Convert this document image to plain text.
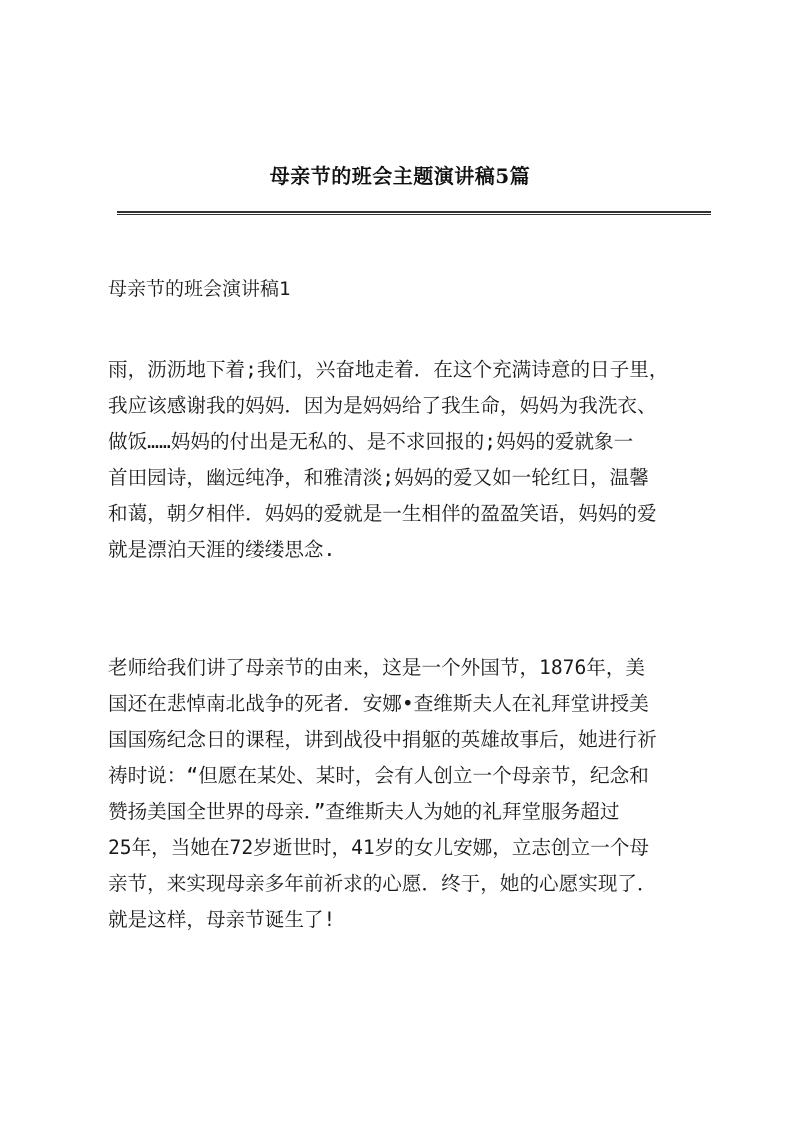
母亲节的班会主题演讲稿5篇
母亲节的班会演讲稿1

雨，沥沥地下着;我们，兴奋地走着．在这个充满诗意的日子里，
我应该感谢我的妈妈．因为是妈妈给了我生命，妈妈为我洗衣、
做饭……妈妈的付出是无私的、是不求回报的;妈妈的爱就象一
首田园诗，幽远纯净，和雅清淡;妈妈的爱又如一轮红日，温馨
和蔼，朝夕相伴．妈妈的爱就是一生相伴的盈盈笑语，妈妈的爱
就是漂泊天涯的缕缕思念.

老师给我们讲了母亲节的由来，这是一个外国节，1876年，美
国还在悲悼南北战争的死者．安娜•查维斯夫人在礼拜堂讲授美
国国殇纪念日的课程，讲到战役中捐躯的英雄故事后，她进行祈
祷时说：“但愿在某处、某时，会有人创立一个母亲节，纪念和
赞扬美国全世界的母亲．”查维斯夫人为她的礼拜堂服务超过
25年，当她在72岁逝世时，41岁的女儿安娜，立志创立一个母
亲节，来实现母亲多年前祈求的心愿．终于，她的心愿实现了．
就是这样，母亲节诞生了!
